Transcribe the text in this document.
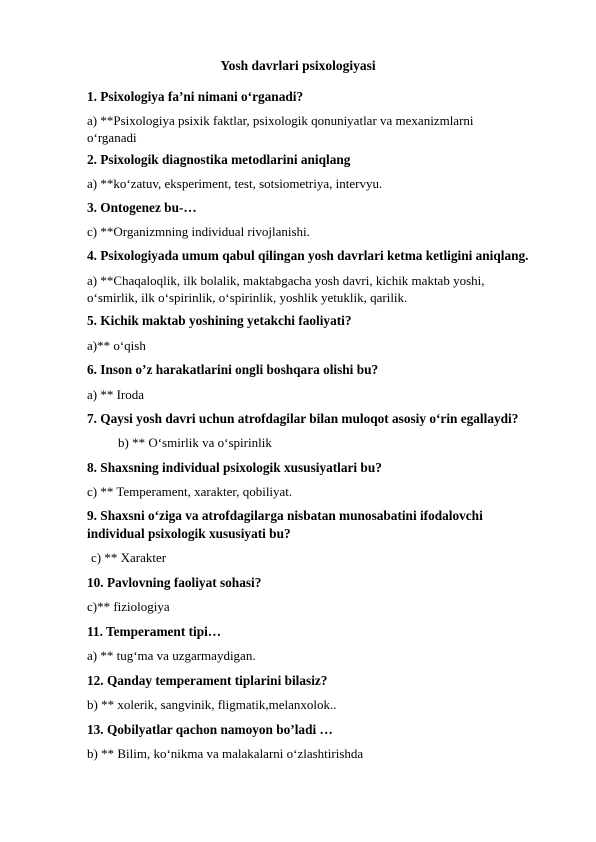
Yosh davrlari psixologiyasi
1. Psixologiya fa’ni nimani o‘rganadi?
a) **Psixologiya psixik faktlar, psixologik qonuniyatlar va mexanizmlarni
o‘rganadi
2. Psixologik diagnostika metodlarini aniqlang
a) **ko‘zatuv, eksperiment, test, sotsiometriya, intervyu.
3. Ontogenez bu-…
c) **Organizmning individual rivojlanishi.
4. Psixologiyada umum qabul qilingan yosh davrlari ketma ketligini aniqlang.
a) **Chaqaloqlik, ilk bolalik, maktabgacha yosh davri, kichik maktab yoshi,
o‘smirlik, ilk o‘spirinlik, o‘spirinlik, yoshlik yetuklik, qarilik.
5. Kichik maktab yoshining yetakchi faoliyati?
a)** o‘qish
6. Inson o’z harakatlarini ongli boshqara olishi bu?
a) ** Iroda
7. Qaysi yosh davri uchun atrofdagilar bilan muloqot asosiy o‘rin egallaydi?
b) ** O‘smirlik va o‘spirinlik
8. Shaxsning individual psixologik xususiyatlari bu?
c) ** Temperament, xarakter, qobiliyat.
9. Shaxsni o‘ziga va atrofdagilarga nisbatan munosabatini ifodalovchi
individual psixologik xususiyati bu?
c) ** Xarakter
10. Pavlovning faoliyat sohasi?
c)** fiziologiya
11. Temperament tipi…
a) ** tug‘ma va uzgarmaydigan.
12. Qanday temperament tiplarini bilasiz?
b) ** xolerik, sangvinik, fligmatik,melanxolok..
13. Qobilyatlar qachon namoyon bo’ladi …
b) ** Bilim, ko‘nikma va malakalarni o‘zlashtirishda
